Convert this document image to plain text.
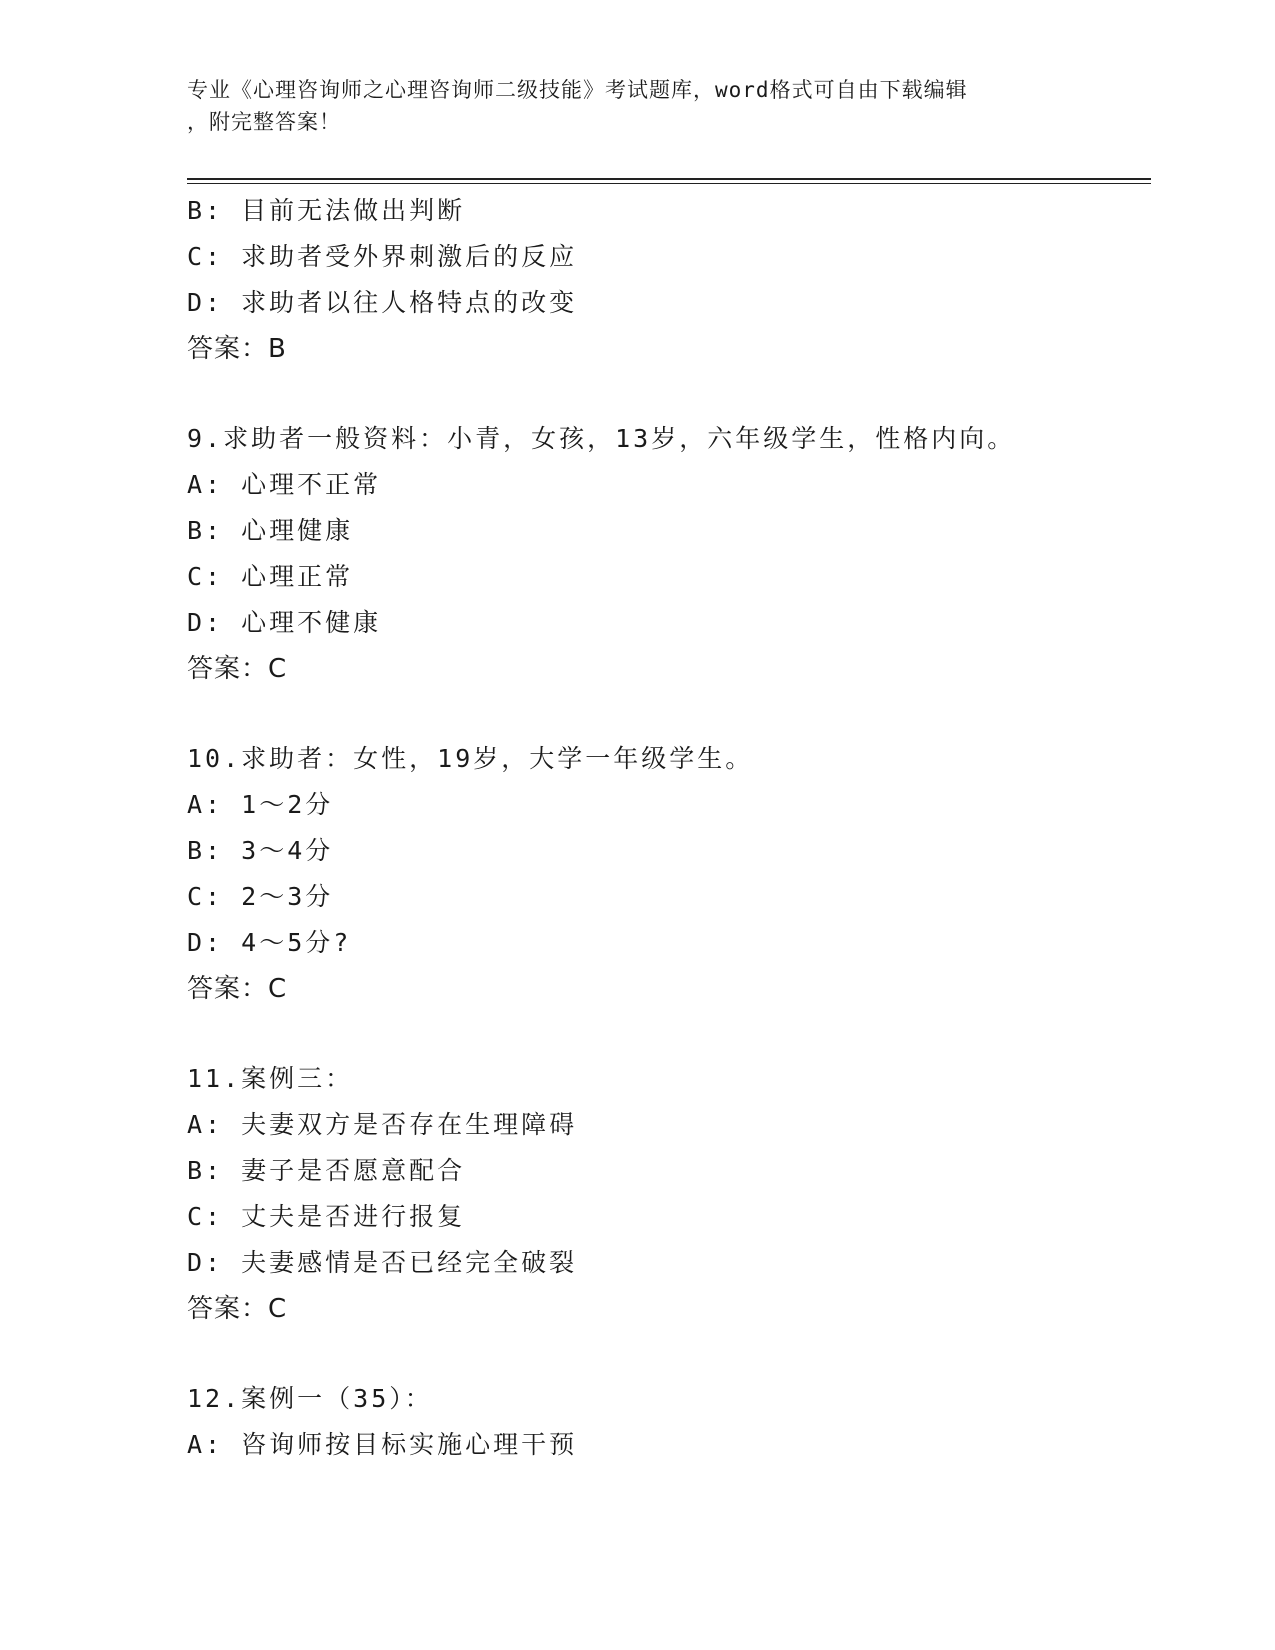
专业《心理咨询师之心理咨询师二级技能》考试题库，word格式可自由下载编辑
，附完整答案！
B: 目前无法做出判断
C: 求助者受外界刺激后的反应
D: 求助者以往人格特点的改变
答案：B
9.求助者一般资料：小青，女孩，13岁，六年级学生，性格内向。
A: 心理不正常
B: 心理健康
C: 心理正常
D: 心理不健康
答案：C
10.求助者：女性，19岁，大学一年级学生。
A: 1～2分
B: 3～4分
C: 2～3分
D: 4～5分?
答案：C
11.案例三：
A: 夫妻双方是否存在生理障碍
B: 妻子是否愿意配合
C: 丈夫是否进行报复
D: 夫妻感情是否已经完全破裂
答案：C
12.案例一（35）：
A: 咨询师按目标实施心理干预
